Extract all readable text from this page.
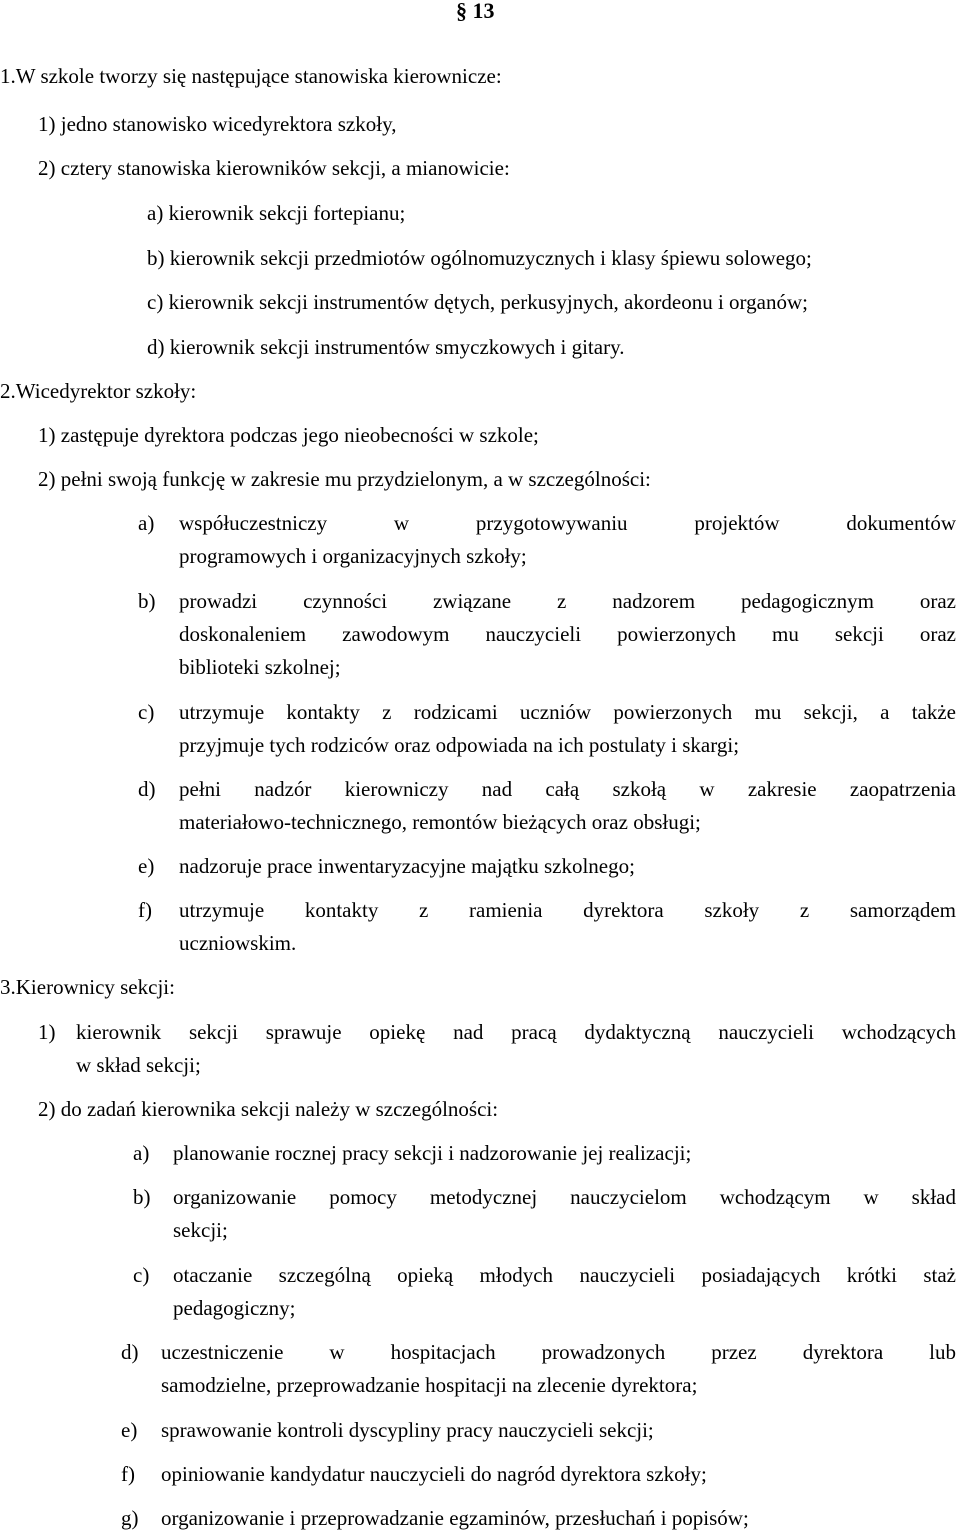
§ 13
1.W szkole tworzy się następujące stanowiska kierownicze:
1) jedno stanowisko wicedyrektora szkoły,
2) cztery stanowiska kierowników sekcji, a mianowicie:
a) kierownik sekcji fortepianu;
b) kierownik sekcji przedmiotów ogólnomuzycznych i klasy śpiewu solowego;
c) kierownik sekcji instrumentów dętych, perkusyjnych, akordeonu i organów;
d) kierownik sekcji instrumentów smyczkowych i gitary.
2.Wicedyrektor szkoły:
1) zastępuje dyrektora podczas jego nieobecności w szkole;
2) pełni swoją funkcję w zakresie mu przydzielonym, a w szczególności:
a) współuczestniczy w przygotowywaniu projektów dokumentów
programowych i organizacyjnych szkoły;
b) prowadzi czynności związane z nadzorem pedagogicznym oraz
doskonaleniem zawodowym nauczycieli powierzonych mu sekcji oraz
biblioteki szkolnej;
c) utrzymuje kontakty z rodzicami uczniów powierzonych mu sekcji, a także
przyjmuje tych rodziców oraz odpowiada na ich postulaty i skargi;
d) pełni nadzór kierowniczy nad całą szkołą w zakresie zaopatrzenia
materiałowo-technicznego, remontów bieżących oraz obsługi;
e) nadzoruje prace inwentaryzacyjne majątku szkolnego;
f) utrzymuje kontakty z ramienia dyrektora szkoły z samorządem
uczniowskim.
3.Kierownicy sekcji:
1) kierownik sekcji sprawuje opiekę nad pracą dydaktyczną nauczycieli wchodzących
w skład sekcji;
2) do zadań kierownika sekcji należy w szczególności:
a) planowanie rocznej pracy sekcji i nadzorowanie jej realizacji;
b) organizowanie pomocy metodycznej nauczycielom wchodzącym w skład
sekcji;
c) otaczanie szczególną opieką młodych nauczycieli posiadających krótki staż
pedagogiczny;
d) uczestniczenie w hospitacjach prowadzonych przez dyrektora lub
samodzielne, przeprowadzanie hospitacji na zlecenie dyrektora;
e) sprawowanie kontroli dyscypliny pracy nauczycieli sekcji;
f) opiniowanie kandydatur nauczycieli do nagród dyrektora szkoły;
g) organizowanie i przeprowadzanie egzaminów, przesłuchań i popisów;
